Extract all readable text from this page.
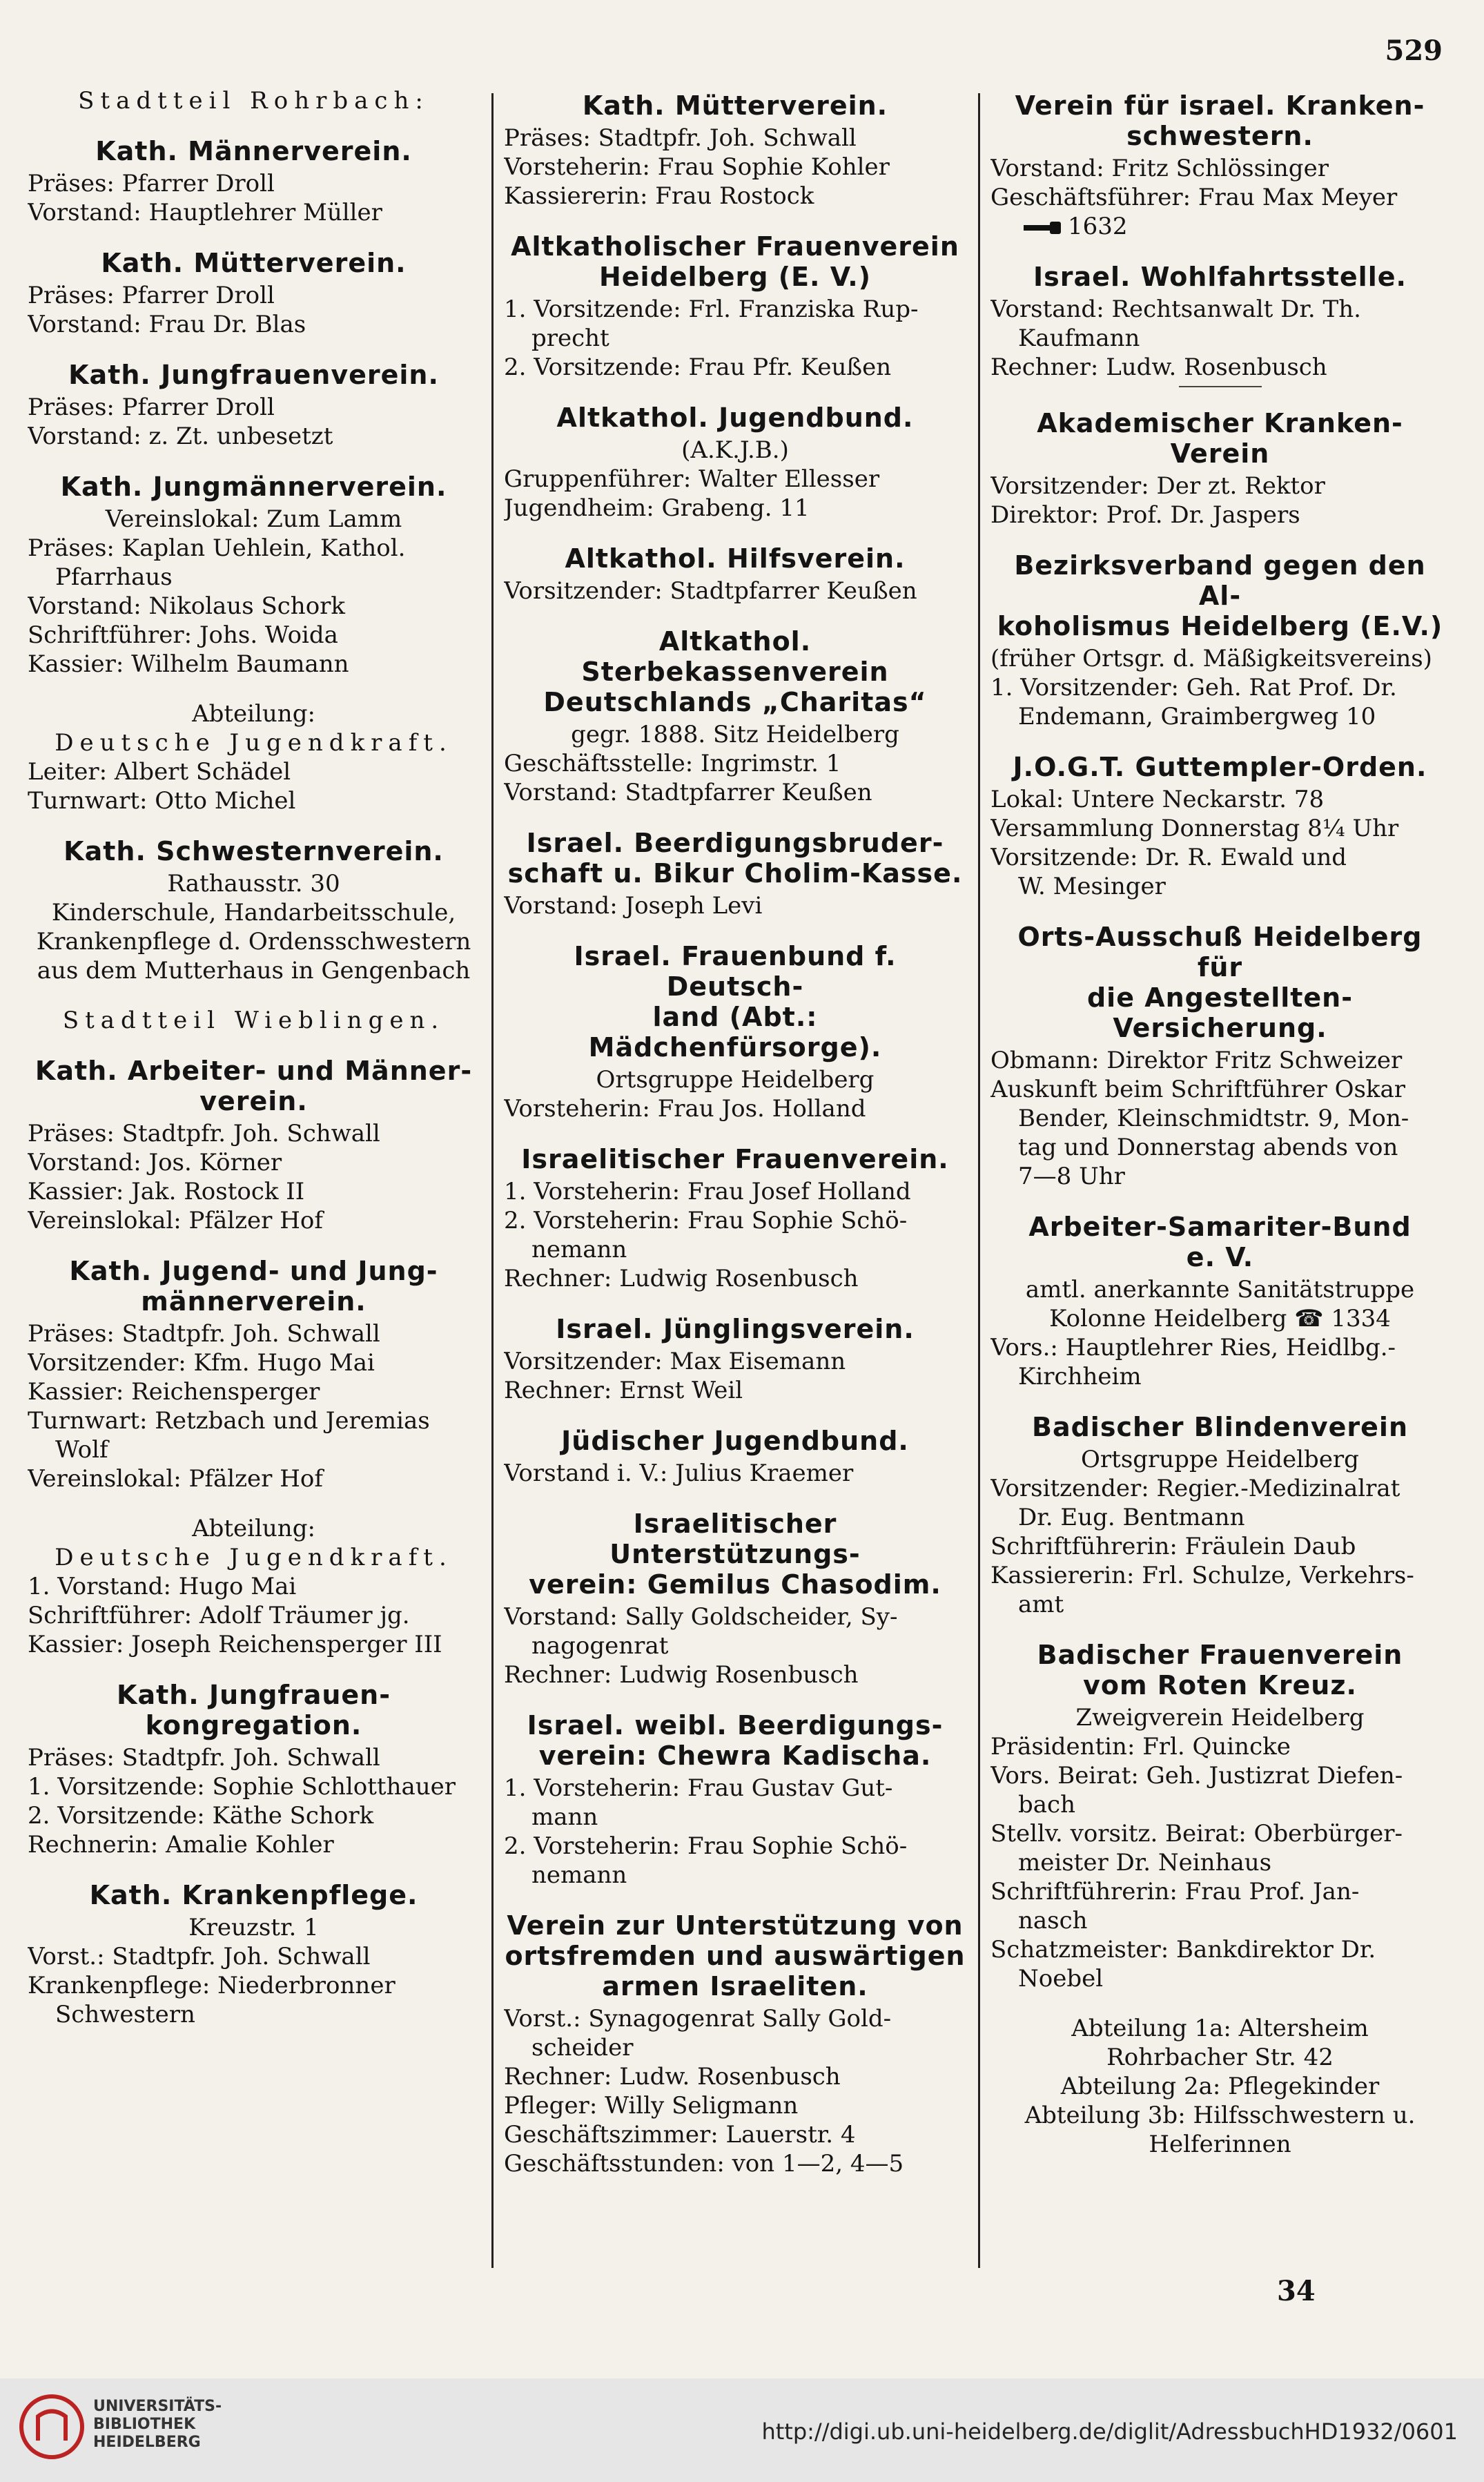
529
Stadtteil Rohrbach:
Kath. Männerverein.
Präses: Pfarrer Droll
Vorstand: Hauptlehrer Müller
Kath. Mütterverein.
Präses: Pfarrer Droll
Vorstand: Frau Dr. Blas
Kath. Jungfrauenverein.
Präses: Pfarrer Droll
Vorstand: z. Zt. unbesetzt
Kath. Jungmännerverein.
Vereinslokal: Zum Lamm
Präses: Kaplan Uehlein, Kathol.
Pfarrhaus
Vorstand: Nikolaus Schork
Schriftführer: Johs. Woida
Kassier: Wilhelm Baumann
Abteilung:
Deutsche Jugendkraft.
Leiter: Albert Schädel
Turnwart: Otto Michel
Kath. Schwesternverein.
Rathausstr. 30
Kinderschule, Handarbeitsschule,
Krankenpflege d. Ordensschwestern
aus dem Mutterhaus in Gengenbach
Stadtteil Wieblingen.
Kath. Arbeiter- und Männer-
verein.
Präses: Stadtpfr. Joh. Schwall
Vorstand: Jos. Körner
Kassier: Jak. Rostock II
Vereinslokal: Pfälzer Hof
Kath. Jugend- und Jung-
männerverein.
Präses: Stadtpfr. Joh. Schwall
Vorsitzender: Kfm. Hugo Mai
Kassier: Reichensperger
Turnwart: Retzbach und Jeremias
Wolf
Vereinslokal: Pfälzer Hof
Abteilung:
Deutsche Jugendkraft.
1. Vorstand: Hugo Mai
Schriftführer: Adolf Träumer jg.
Kassier: Joseph Reichensperger III
Kath. Jungfrauen-
kongregation.
Präses: Stadtpfr. Joh. Schwall
1. Vorsitzende: Sophie Schlotthauer
2. Vorsitzende: Käthe Schork
Rechnerin: Amalie Kohler
Kath. Krankenpflege.
Kreuzstr. 1
Vorst.: Stadtpfr. Joh. Schwall
Krankenpflege: Niederbronner
Schwestern
Kath. Mütterverein.
Präses: Stadtpfr. Joh. Schwall
Vorsteherin: Frau Sophie Kohler
Kassiererin: Frau Rostock
Altkatholischer Frauenverein
Heidelberg (E. V.)
1. Vorsitzende: Frl. Franziska Rup-
precht
2. Vorsitzende: Frau Pfr. Keußen
Altkathol. Jugendbund.
(A.K.J.B.)
Gruppenführer: Walter Ellesser
Jugendheim: Grabeng. 11
Altkathol. Hilfsverein.
Vorsitzender: Stadtpfarrer Keußen
Altkathol. Sterbekassenverein
Deutschlands „Charitas“
gegr. 1888. Sitz Heidelberg
Geschäftsstelle: Ingrimstr. 1
Vorstand: Stadtpfarrer Keußen
Israel. Beerdigungsbruder-
schaft u. Bikur Cholim-Kasse.
Vorstand: Joseph Levi
Israel. Frauenbund f. Deutsch-
land (Abt.: Mädchenfürsorge).
Ortsgruppe Heidelberg
Vorsteherin: Frau Jos. Holland
Israelitischer Frauenverein.
1. Vorsteherin: Frau Josef Holland
2. Vorsteherin: Frau Sophie Schö-
nemann
Rechner: Ludwig Rosenbusch
Israel. Jünglingsverein.
Vorsitzender: Max Eisemann
Rechner: Ernst Weil
Jüdischer Jugendbund.
Vorstand i. V.: Julius Kraemer
Israelitischer Unterstützungs-
verein: Gemilus Chasodim.
Vorstand: Sally Goldscheider, Sy-
nagogenrat
Rechner: Ludwig Rosenbusch
Israel. weibl. Beerdigungs-
verein: Chewra Kadischa.
1. Vorsteherin: Frau Gustav Gut-
mann
2. Vorsteherin: Frau Sophie Schö-
nemann
Verein zur Unterstützung von
ortsfremden und auswärtigen
armen Israeliten.
Vorst.: Synagogenrat Sally Gold-
scheider
Rechner: Ludw. Rosenbusch
Pfleger: Willy Seligmann
Geschäftszimmer: Lauerstr. 4
Geschäftsstunden: von 1—2, 4—5
Verein für israel. Kranken-
schwestern.
Vorstand: Fritz Schlössinger
Geschäftsführer: Frau Max Meyer
1632
Israel. Wohlfahrtsstelle.
Vorstand: Rechtsanwalt Dr. Th.
Kaufmann
Rechner: Ludw. Rosenbusch
Akademischer Kranken-Verein
Vorsitzender: Der zt. Rektor
Direktor: Prof. Dr. Jaspers
Bezirksverband gegen den Al-
koholismus Heidelberg (E.V.)
(früher Ortsgr. d. Mäßigkeitsvereins)
1. Vorsitzender: Geh. Rat Prof. Dr.
Endemann, Graimbergweg 10
J.O.G.T. Guttempler-Orden.
Lokal: Untere Neckarstr. 78
Versammlung Donnerstag 8¼ Uhr
Vorsitzende: Dr. R. Ewald und
W. Mesinger
Orts-Ausschuß Heidelberg für
die Angestellten-Versicherung.
Obmann: Direktor Fritz Schweizer
Auskunft beim Schriftführer Oskar
Bender, Kleinschmidtstr. 9, Mon-
tag und Donnerstag abends von
7—8 Uhr
Arbeiter-Samariter-Bund
e. V.
amtl. anerkannte Sanitätstruppe
Kolonne Heidelberg ☎ 1334
Vors.: Hauptlehrer Ries, Heidlbg.-
Kirchheim
Badischer Blindenverein
Ortsgruppe Heidelberg
Vorsitzender: Regier.-Medizinalrat
Dr. Eug. Bentmann
Schriftführerin: Fräulein Daub
Kassiererin: Frl. Schulze, Verkehrs-
amt
Badischer Frauenverein
vom Roten Kreuz.
Zweigverein Heidelberg
Präsidentin: Frl. Quincke
Vors. Beirat: Geh. Justizrat Diefen-
bach
Stellv. vorsitz. Beirat: Oberbürger-
meister Dr. Neinhaus
Schriftführerin: Frau Prof. Jan-
nasch
Schatzmeister: Bankdirektor Dr.
Noebel
Abteilung 1a: Altersheim
Rohrbacher Str. 42
Abteilung 2a: Pflegekinder
Abteilung 3b: Hilfsschwestern u.
Helferinnen
34
UNIVERSITÄTS-
BIBLIOTHEK
HEIDELBERG	http://digi.ub.uni-heidelberg.de/diglit/AdressbuchHD1932/0601
